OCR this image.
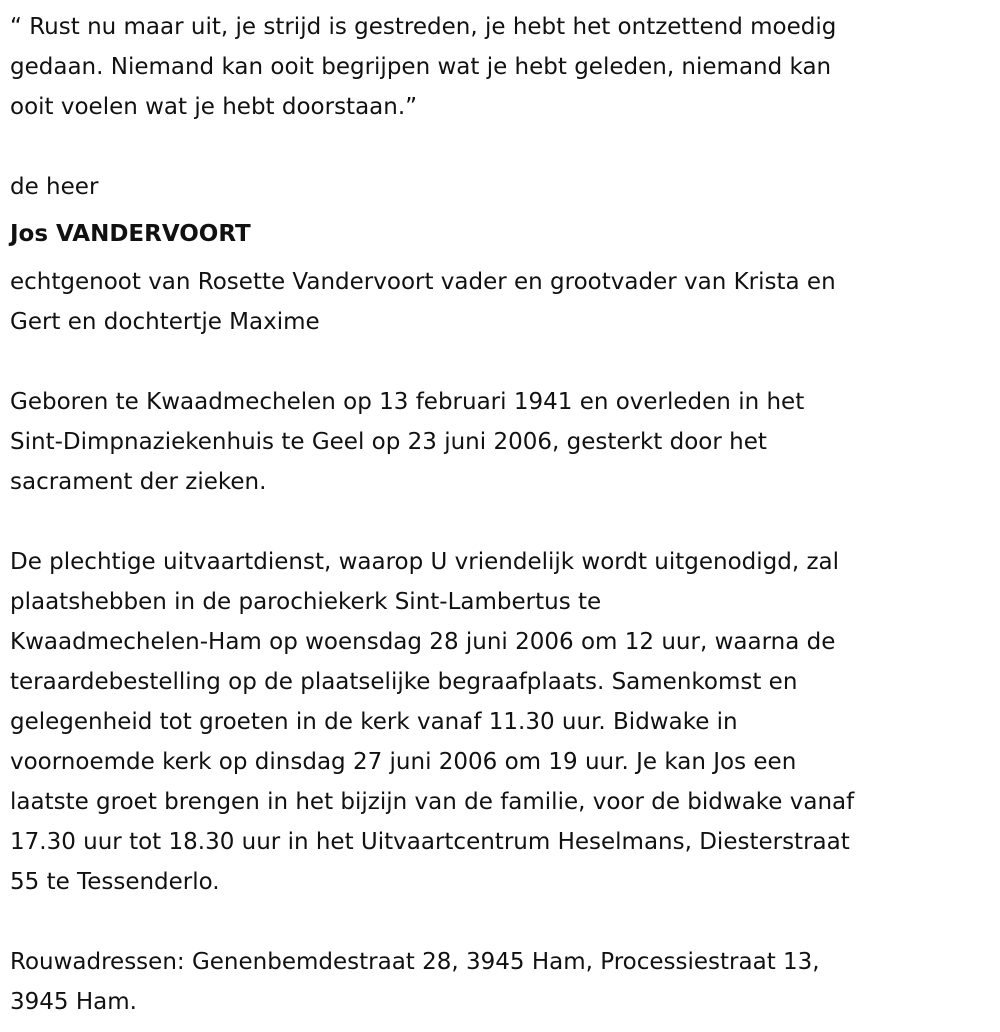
“ Rust nu maar uit, je strijd is gestreden, je hebt het ontzettend moedig
gedaan. Niemand kan ooit begrijpen wat je hebt geleden, niemand kan
ooit voelen wat je hebt doorstaan.”
de heer
Jos VANDERVOORT
echtgenoot van Rosette Vandervoort vader en grootvader van Krista en
Gert en dochtertje Maxime
Geboren te Kwaadmechelen op 13 februari 1941 en overleden in het
Sint-Dimpnaziekenhuis te Geel op 23 juni 2006, gesterkt door het
sacrament der zieken.
De plechtige uitvaartdienst, waarop U vriendelijk wordt uitgenodigd, zal
plaatshebben in de parochiekerk Sint-Lambertus te
Kwaadmechelen-Ham op woensdag 28 juni 2006 om 12 uur, waarna de
teraardebestelling op de plaatselijke begraafplaats. Samenkomst en
gelegenheid tot groeten in de kerk vanaf 11.30 uur. Bidwake in
voornoemde kerk op dinsdag 27 juni 2006 om 19 uur. Je kan Jos een
laatste groet brengen in het bijzijn van de familie, voor de bidwake vanaf
17.30 uur tot 18.30 uur in het Uitvaartcentrum Heselmans, Diesterstraat
55 te Tessenderlo.
Rouwadressen: Genenbemdestraat 28, 3945 Ham, Processiestraat 13,
3945 Ham.
